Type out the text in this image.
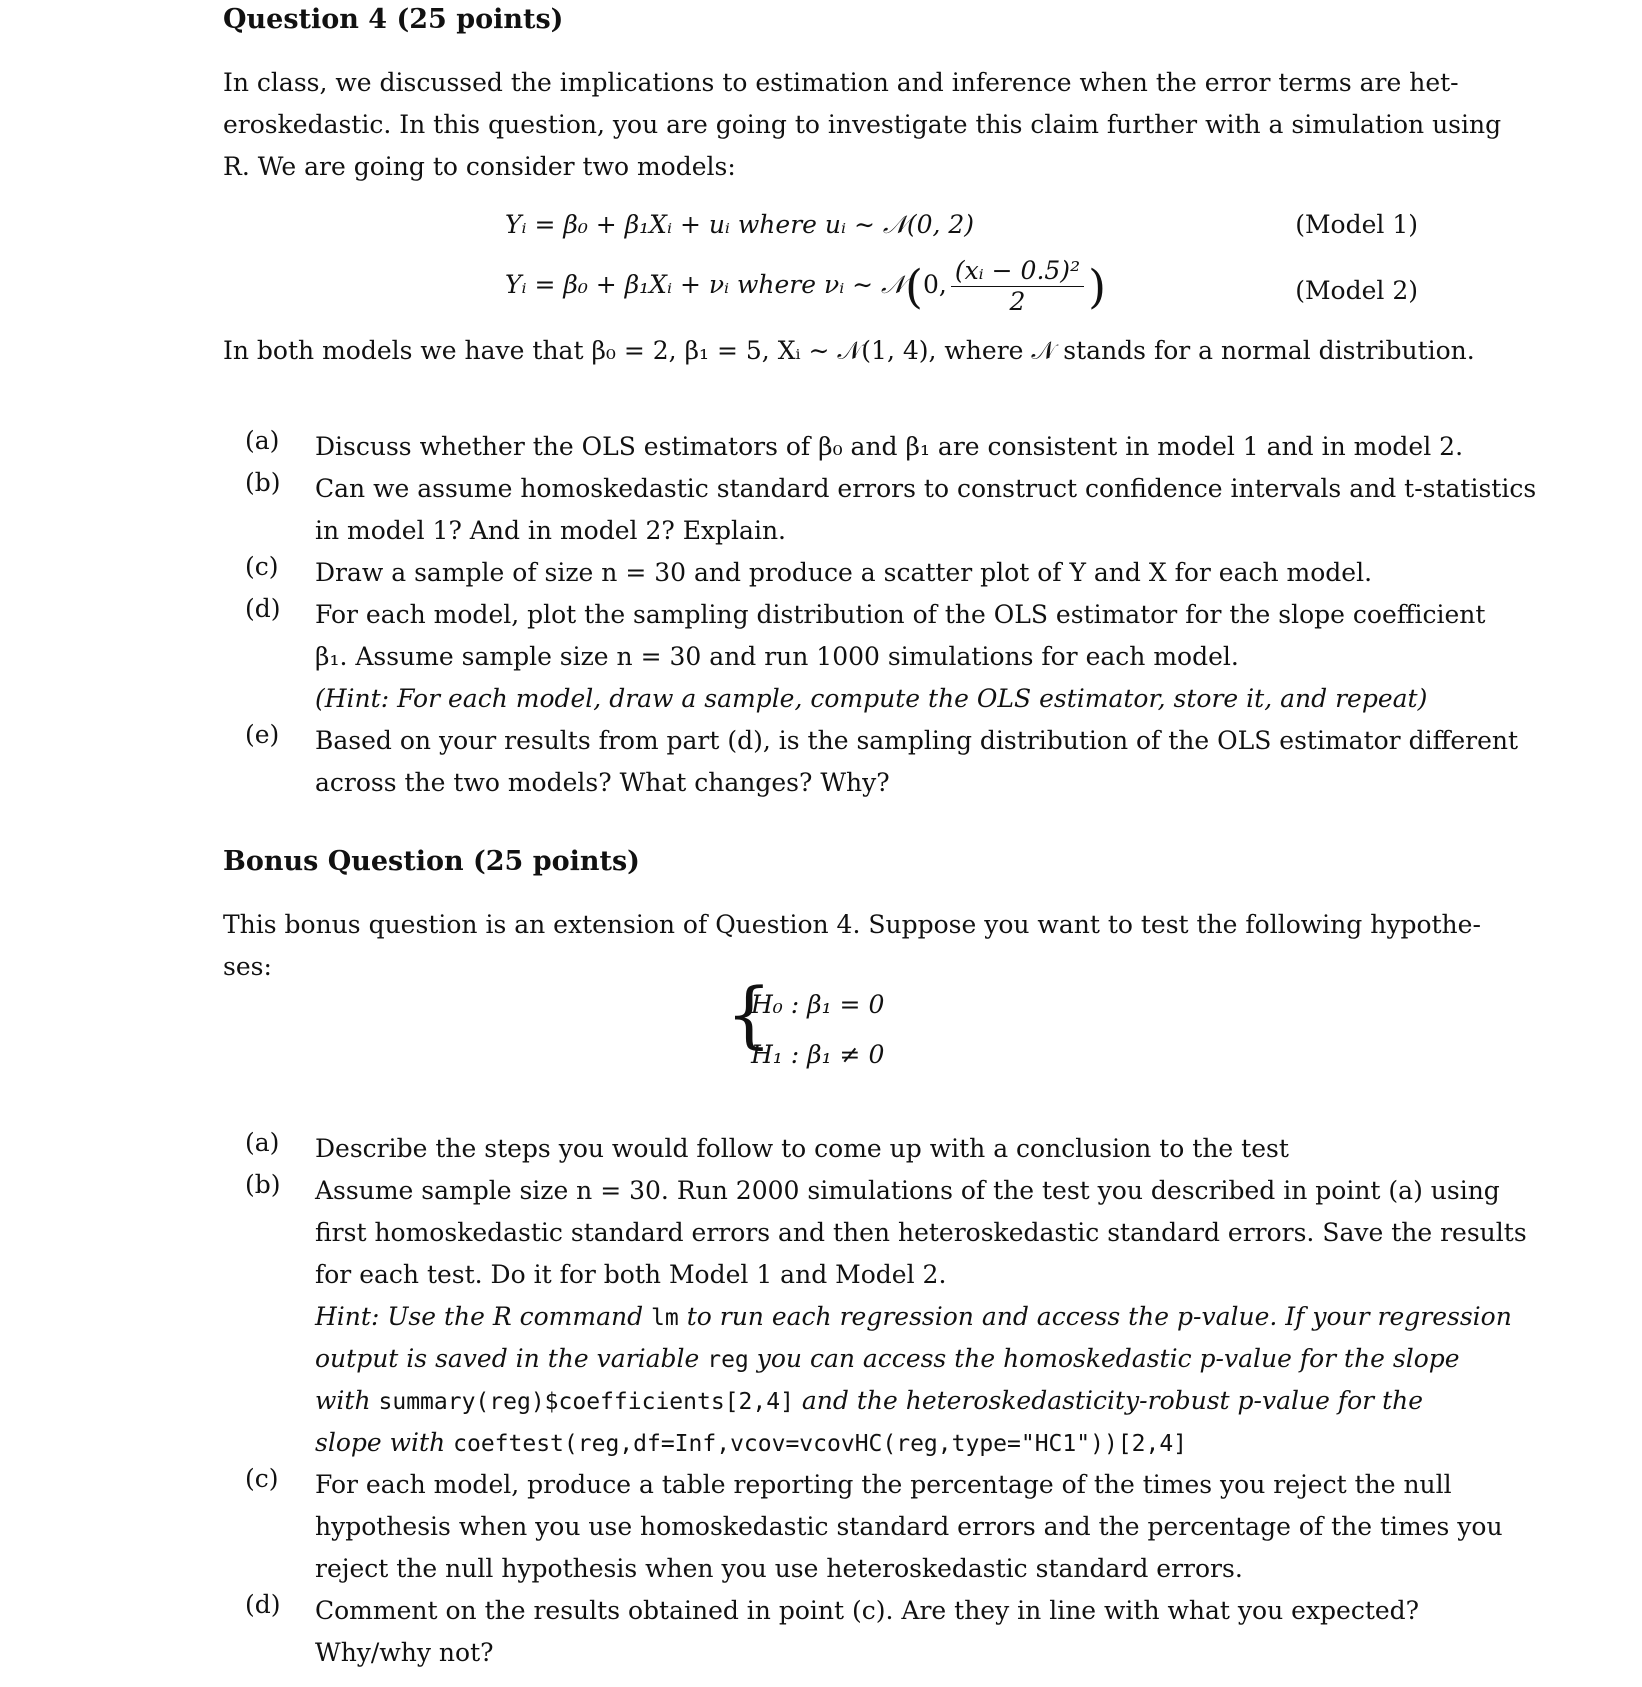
Question 4 (25 points)
In class, we discussed the implications to estimation and inference when the error terms are het-
eroskedastic. In this question, you are going to investigate this claim further with a simulation using
R. We are going to consider two models:
Yᵢ = β₀ + β₁Xᵢ + uᵢ where uᵢ ∼ 𝒩(0, 2)	(Model 1)
Yᵢ = β₀ + β₁Xᵢ + νᵢ where νᵢ ∼ 𝒩(0, $\frac{\text{(xᵢ − 0.5)²}}{2}$ )	(Model 2)
In both models we have that β₀ = 2, β₁ = 5, Xᵢ ∼ 𝒩(1, 4), where 𝒩 stands for a normal distribution.
(a)	Discuss whether the OLS estimators of β₀ and β₁ are consistent in model 1 and in model 2.
(b)	Can we assume homoskedastic standard errors to construct confidence intervals and t-statistics
in model 1? And in model 2? Explain.
(c)	Draw a sample of size n = 30 and produce a scatter plot of Y and X for each model.
(d)	For each model, plot the sampling distribution of the OLS estimator for the slope coefficient
β₁. Assume sample size n = 30 and run 1000 simulations for each model.
(Hint: For each model, draw a sample, compute the OLS estimator, store it, and repeat)
(e)	Based on your results from part (d), is the sampling distribution of the OLS estimator different
across the two models? What changes? Why?
Bonus Question (25 points)
This bonus question is an extension of Question 4. Suppose you want to test the following hypothe-
ses:
{
H₀ : β₁ = 0
H₁ : β₁ ≠ 0
(a)	Describe the steps you would follow to come up with a conclusion to the test
(b)	Assume sample size n = 30. Run 2000 simulations of the test you described in point (a) using
first homoskedastic standard errors and then heteroskedastic standard errors. Save the results
for each test. Do it for both Model 1 and Model 2.
Hint: Use the R command lm to run each regression and access the p-value. If your regression
output is saved in the variable reg you can access the homoskedastic p-value for the slope
with summary(reg)$coefficients[2,4] and the heteroskedasticity-robust p-value for the
slope with coeftest(reg,df=Inf,vcov=vcovHC(reg,type="HC1"))[2,4]
(c)	For each model, produce a table reporting the percentage of the times you reject the null
hypothesis when you use homoskedastic standard errors and the percentage of the times you
reject the null hypothesis when you use heteroskedastic standard errors.
(d)	Comment on the results obtained in point (c). Are they in line with what you expected?
Why/why not?
